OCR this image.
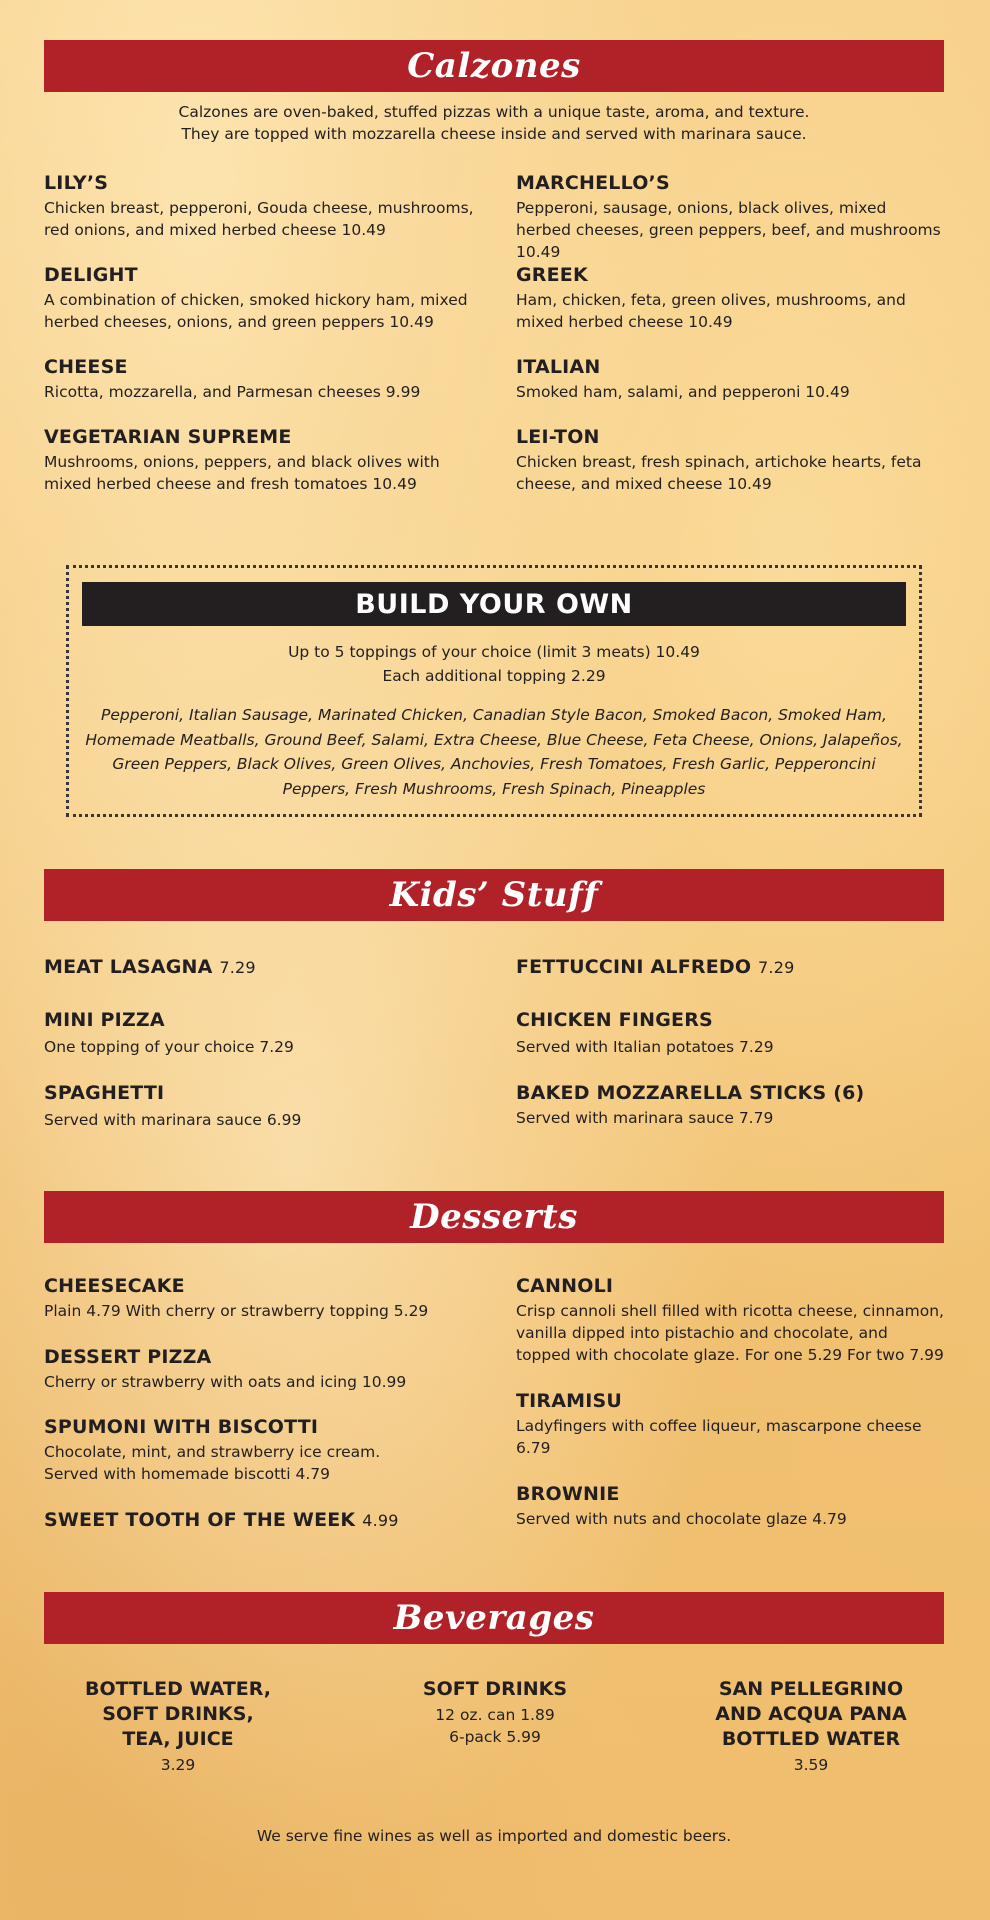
Calzones
Calzones are oven-baked, stuffed pizzas with a unique taste, aroma, and texture.
They are topped with mozzarella cheese inside and served with marinara sauce.
LILY’S
Chicken breast, pepperoni, Gouda cheese, mushrooms, red onions, and mixed herbed cheese 10.49
DELIGHT
A combination of chicken, smoked hickory ham, mixed herbed cheeses, onions, and green peppers 10.49
CHEESE
Ricotta, mozzarella, and Parmesan cheeses 9.99
VEGETARIAN SUPREME
Mushrooms, onions, peppers, and black olives with mixed herbed cheese and fresh tomatoes 10.49
MARCHELLO’S
Pepperoni, sausage, onions, black olives, mixed herbed cheeses, green peppers, beef, and mushrooms 10.49
GREEK
Ham, chicken, feta, green olives, mushrooms, and mixed herbed cheese 10.49
ITALIAN
Smoked ham, salami, and pepperoni 10.49
LEI-TON
Chicken breast, fresh spinach, artichoke hearts, feta cheese, and mixed cheese 10.49
BUILD YOUR OWN
Up to 5 toppings of your choice (limit 3 meats) 10.49
Each additional topping 2.29
Pepperoni, Italian Sausage, Marinated Chicken, Canadian Style Bacon, Smoked Bacon, Smoked Ham, Homemade Meatballs, Ground Beef, Salami, Extra Cheese, Blue Cheese, Feta Cheese, Onions, Jalapeños, Green Peppers, Black Olives, Green Olives, Anchovies, Fresh Tomatoes, Fresh Garlic, Pepperoncini Peppers, Fresh Mushrooms, Fresh Spinach, Pineapples
Kids’ Stuff
MEAT LASAGNA 7.29
MINI PIZZA
One topping of your choice 7.29
SPAGHETTI
Served with marinara sauce 6.99
FETTUCCINI ALFREDO 7.29
CHICKEN FINGERS
Served with Italian potatoes 7.29
BAKED MOZZARELLA STICKS (6)
Served with marinara sauce 7.79
Desserts
CHEESECAKE
Plain 4.79 With cherry or strawberry topping 5.29
DESSERT PIZZA
Cherry or strawberry with oats and icing 10.99
SPUMONI WITH BISCOTTI
Chocolate, mint, and strawberry ice cream. Served with homemade biscotti 4.79
SWEET TOOTH OF THE WEEK 4.99
CANNOLI
Crisp cannoli shell filled with ricotta cheese, cinnamon, vanilla dipped into pistachio and chocolate, and topped with chocolate glaze. For one 5.29 For two 7.99
TIRAMISU
Ladyfingers with coffee liqueur, mascarpone cheese 6.79
BROWNIE
Served with nuts and chocolate glaze 4.79
Beverages
BOTTLED WATER,
SOFT DRINKS,
TEA, JUICE
3.29
SOFT DRINKS
12 oz. can 1.89
6-pack 5.99
SAN PELLEGRINO
AND ACQUA PANA
BOTTLED WATER
3.59
We serve fine wines as well as imported and domestic beers.
